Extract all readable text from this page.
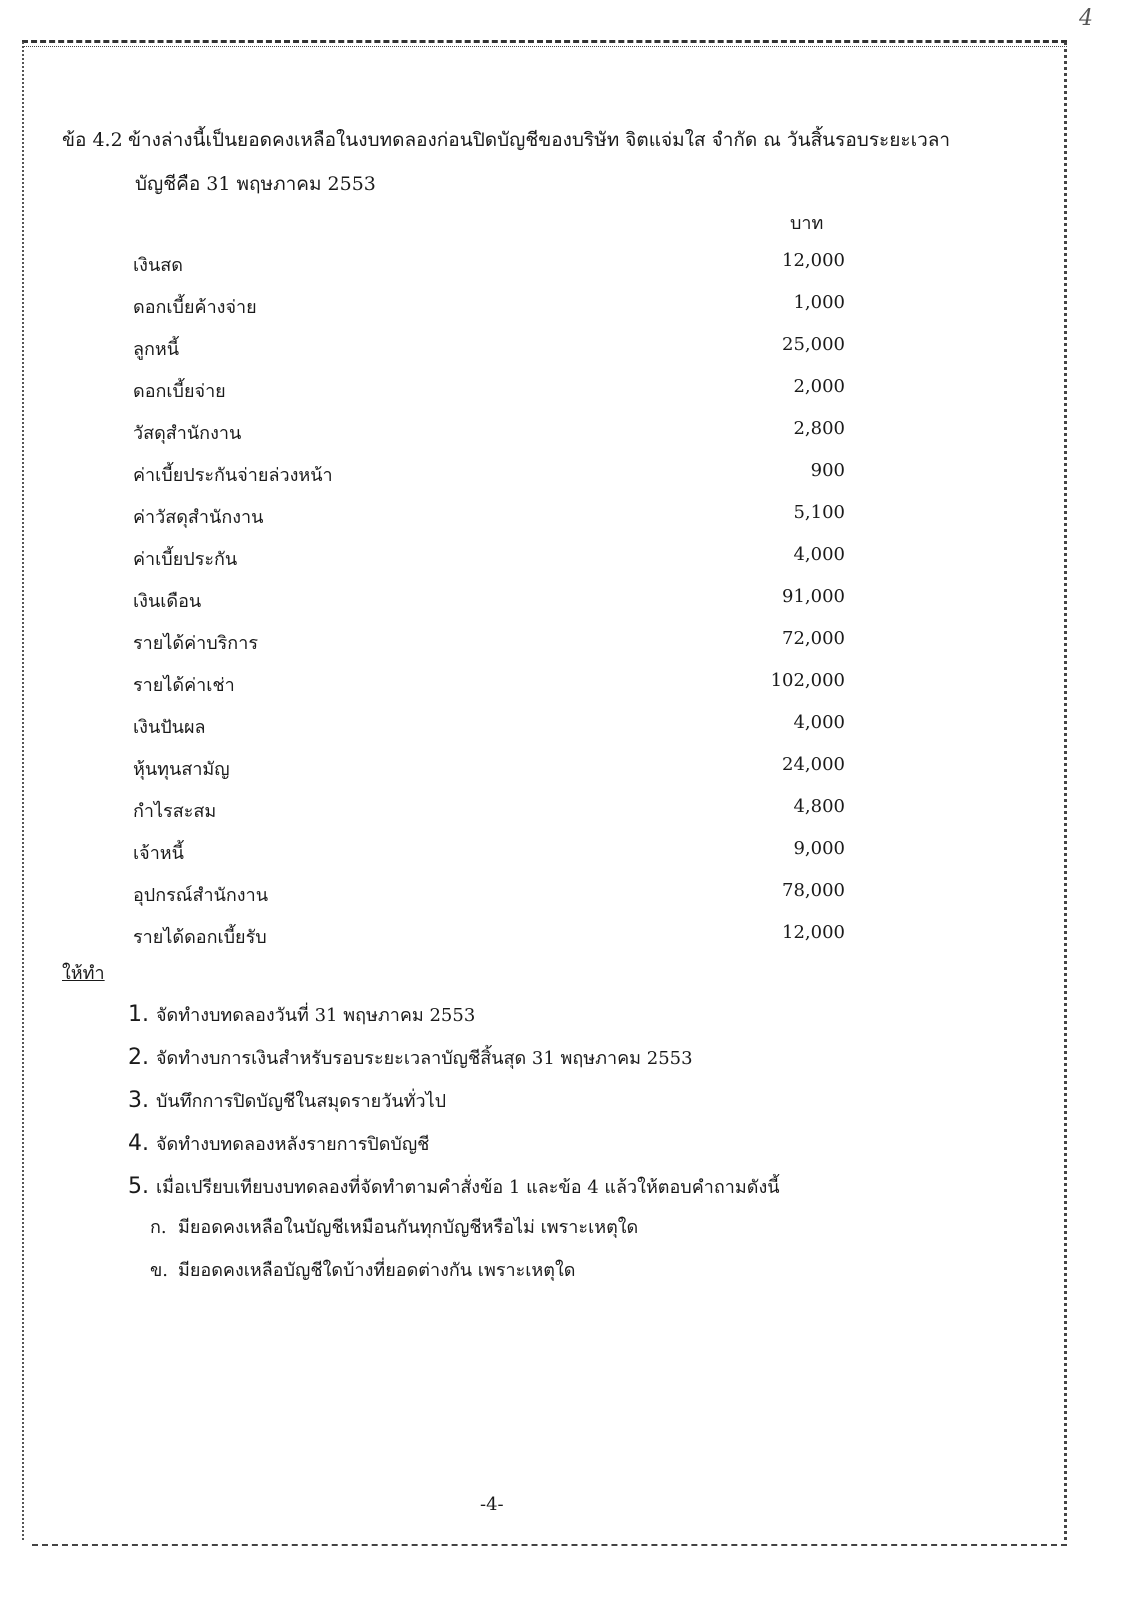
4
ข้อ 4.2 ข้างล่างนี้เป็นยอดคงเหลือในงบทดลองก่อนปิดบัญชีของบริษัท จิตแจ่มใส จำกัด ณ วันสิ้นรอบระยะเวลา
บัญชีคือ 31 พฤษภาคม 2553
บาท
เงินสด	12,000
ดอกเบี้ยค้างจ่าย	1,000
ลูกหนี้	25,000
ดอกเบี้ยจ่าย	2,000
วัสดุสำนักงาน	2,800
ค่าเบี้ยประกันจ่ายล่วงหน้า	900
ค่าวัสดุสำนักงาน	5,100
ค่าเบี้ยประกัน	4,000
เงินเดือน	91,000
รายได้ค่าบริการ	72,000
รายได้ค่าเช่า	102,000
เงินปันผล	4,000
หุ้นทุนสามัญ	24,000
กำไรสะสม	4,800
เจ้าหนี้	9,000
อุปกรณ์สำนักงาน	78,000
รายได้ดอกเบี้ยรับ	12,000
ให้ทำ
1. จัดทำงบทดลองวันที่ 31 พฤษภาคม 2553
2. จัดทำงบการเงินสำหรับรอบระยะเวลาบัญชีสิ้นสุด 31 พฤษภาคม 2553
3. บันทึกการปิดบัญชีในสมุดรายวันทั่วไป
4. จัดทำงบทดลองหลังรายการปิดบัญชี
5. เมื่อเปรียบเทียบงบทดลองที่จัดทำตามคำสั่งข้อ 1 และข้อ 4 แล้วให้ตอบคำถามดังนี้
ก. มียอดคงเหลือในบัญชีเหมือนกันทุกบัญชีหรือไม่ เพราะเหตุใด
ข. มียอดคงเหลือบัญชีใดบ้างที่ยอดต่างกัน เพราะเหตุใด
-4-
